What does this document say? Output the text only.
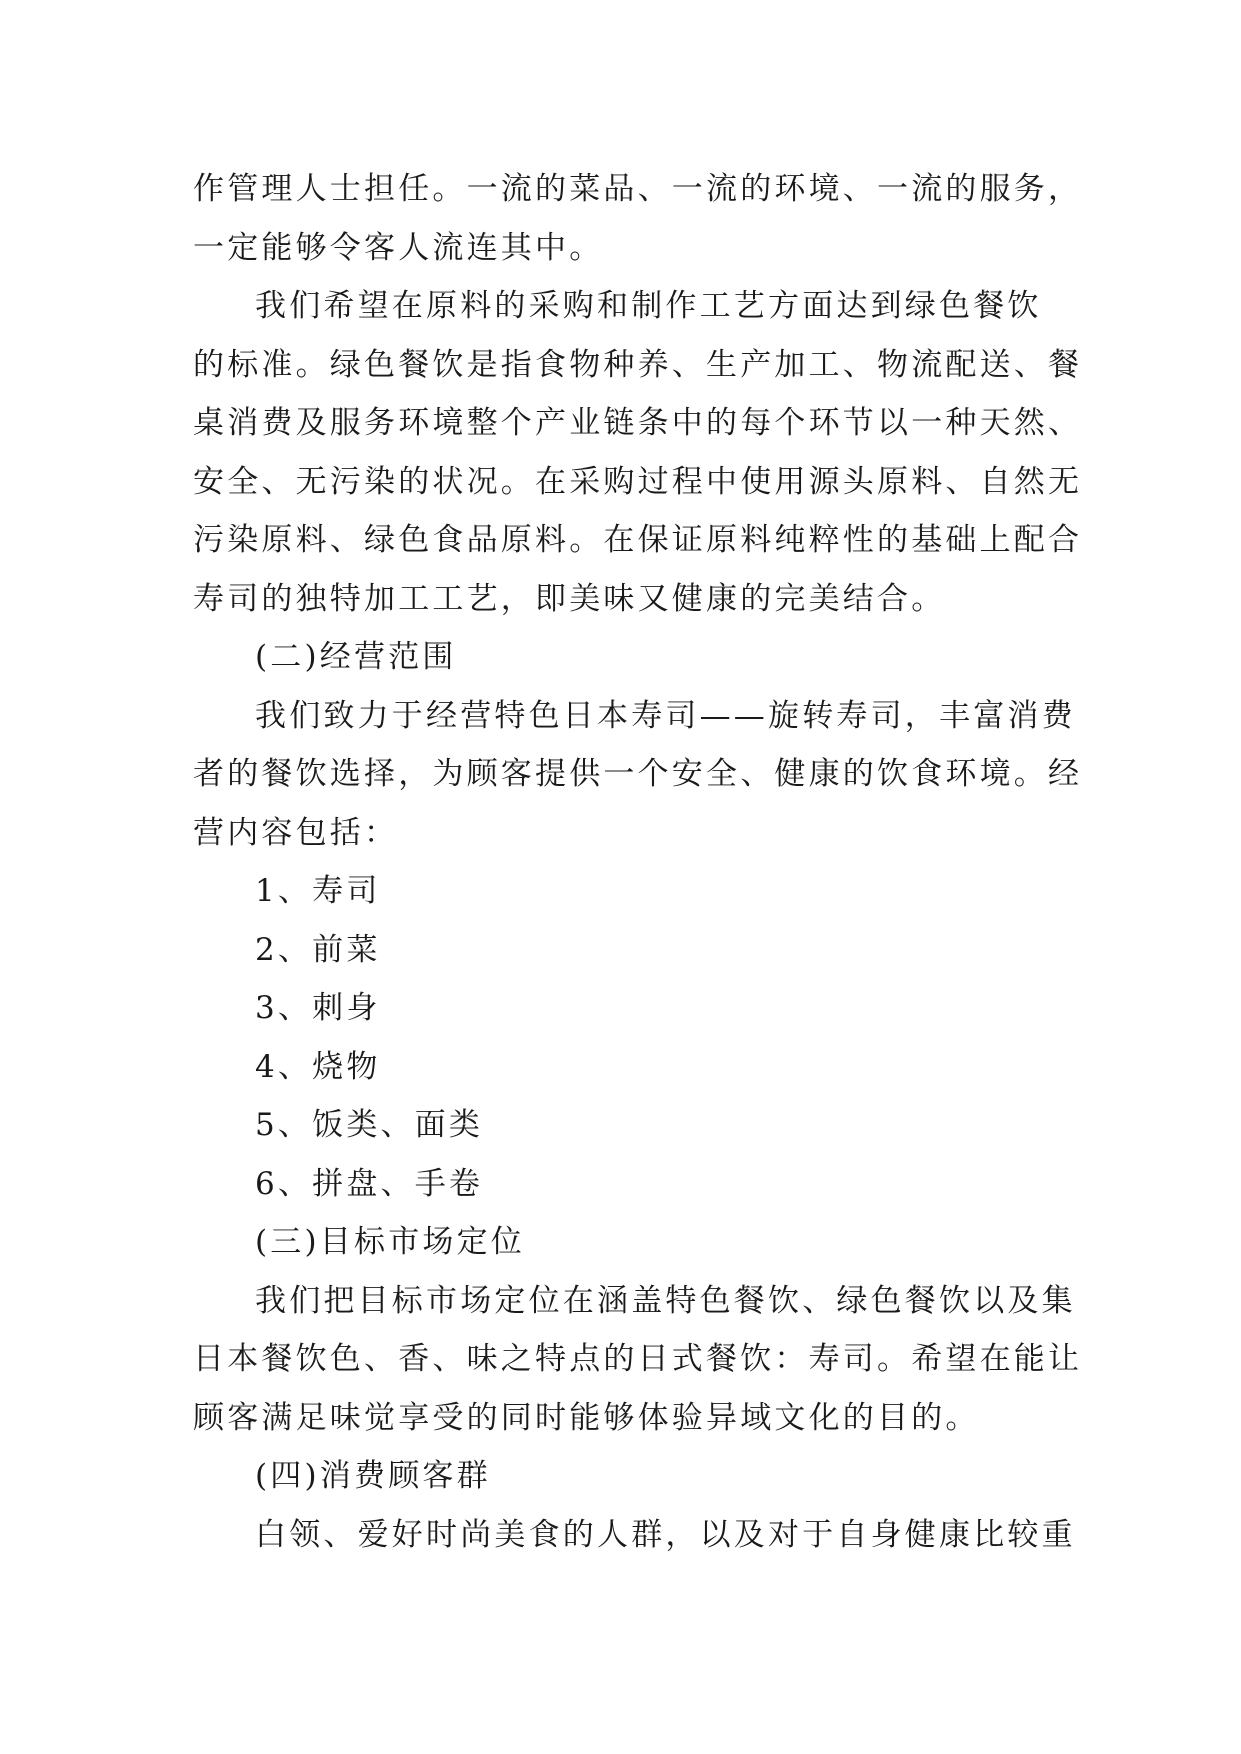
作管理人士担任。一流的菜品、一流的环境、一流的服务，
一定能够令客人流连其中。
我们希望在原料的采购和制作工艺方面达到绿色餐饮
的标准。绿色餐饮是指食物种养、生产加工、物流配送、餐
桌消费及服务环境整个产业链条中的每个环节以一种天然、
安全、无污染的状况。在采购过程中使用源头原料、自然无
污染原料、绿色食品原料。在保证原料纯粹性的基础上配合
寿司的独特加工工艺，即美味又健康的完美结合。
(二)经营范围
我们致力于经营特色日本寿司——旋转寿司，丰富消费
者的餐饮选择，为顾客提供一个安全、健康的饮食环境。经
营内容包括：
1、寿司
2、前菜
3、刺身
4、烧物
5、饭类、面类
6、拼盘、手卷
(三)目标市场定位
我们把目标市场定位在涵盖特色餐饮、绿色餐饮以及集
日本餐饮色、香、味之特点的日式餐饮：寿司。希望在能让
顾客满足味觉享受的同时能够体验异域文化的目的。
(四)消费顾客群
白领、爱好时尚美食的人群，以及对于自身健康比较重
